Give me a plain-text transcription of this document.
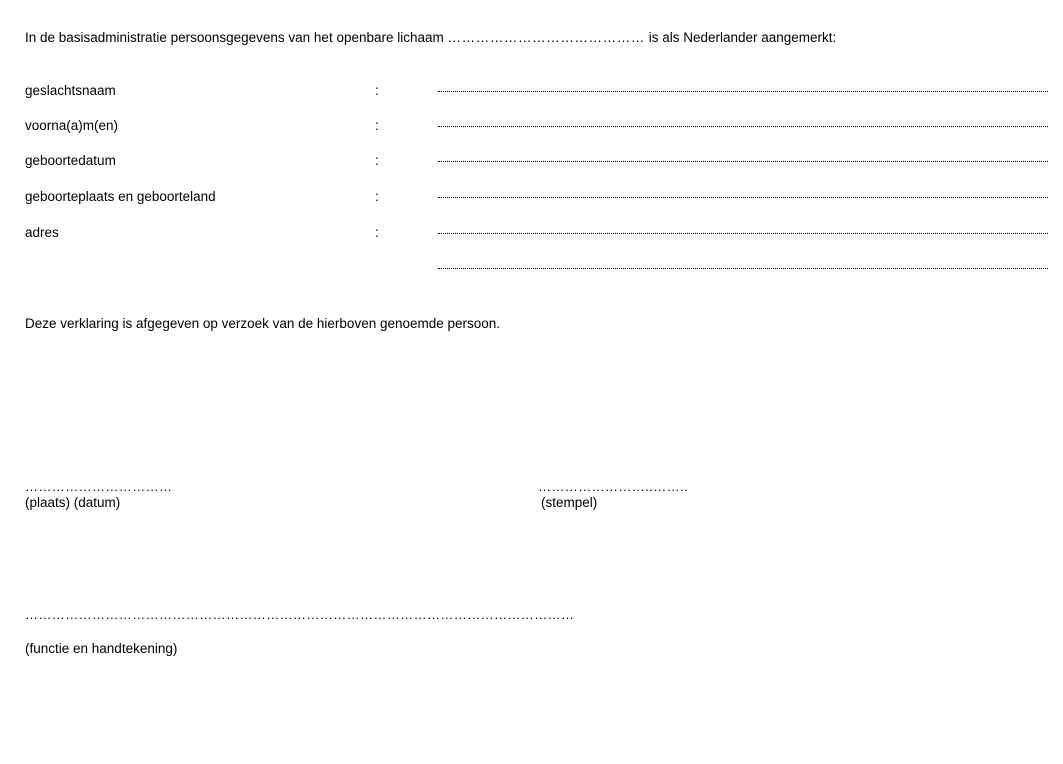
In de basisadministratie persoonsgegevens van het openbare lichaam …………………………………… is als Nederlander aangemerkt:
geslachtsnaam	:
voorna(a)m(en)	:
geboortedatum	:
geboorteplaats en geboorteland	:
adres	:
Deze verklaring is afgegeven op verzoek van de hierboven genoemde persoon.
……………………………
(plaats) (datum)
……………………..……..
(stempel)
……………………………………………………………………………………………………………
(functie en handtekening)
